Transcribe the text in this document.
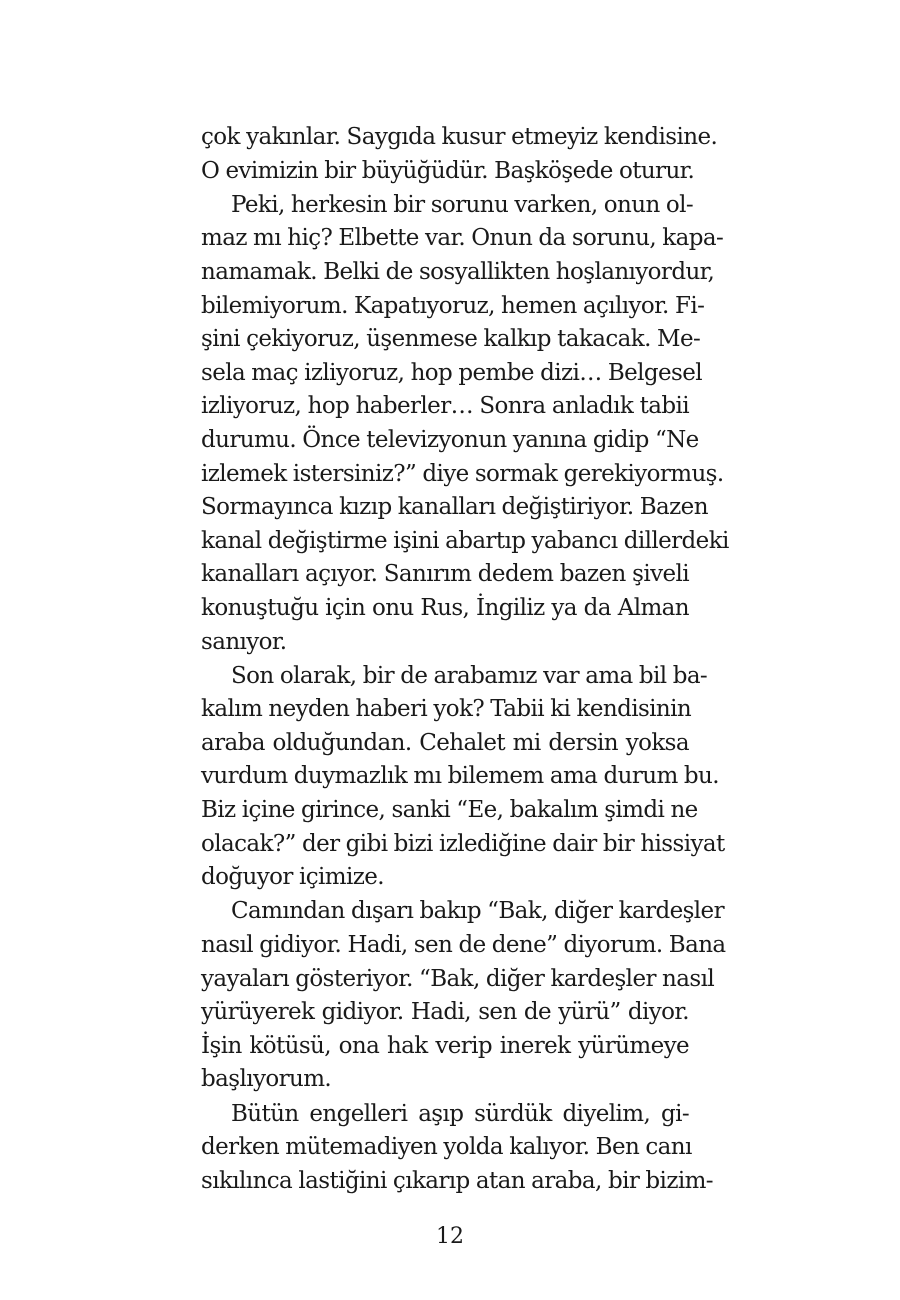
çok yakınlar. Saygıda kusur etmeyiz kendisine.
O evimizin bir büyüğüdür. Başköşede oturur.
Peki, herkesin bir sorunu varken, onun ol-
maz mı hiç? Elbette var. Onun da sorunu, kapa-
namamak. Belki de sosyallikten hoşlanıyordur,
bilemiyorum. Kapatıyoruz, hemen açılıyor. Fi-
şini çekiyoruz, üşenmese kalkıp takacak. Me-
sela maç izliyoruz, hop pembe dizi… Belgesel
izliyoruz, hop haberler… Sonra anladık tabii
durumu. Önce televizyonun yanına gidip “Ne
izlemek istersiniz?” diye sormak gerekiyormuş.
Sormayınca kızıp kanalları değiştiriyor. Bazen
kanal değiştirme işini abartıp yabancı dillerdeki
kanalları açıyor. Sanırım dedem bazen şiveli
konuştuğu için onu Rus, İngiliz ya da Alman
sanıyor.
Son olarak, bir de arabamız var ama bil ba-
kalım neyden haberi yok? Tabii ki kendisinin
araba olduğundan. Cehalet mi dersin yoksa
vurdum duymazlık mı bilemem ama durum bu.
Biz içine girince, sanki “Ee, bakalım şimdi ne
olacak?” der gibi bizi izlediğine dair bir hissiyat
doğuyor içimize.
Camından dışarı bakıp “Bak, diğer kardeşler
nasıl gidiyor. Hadi, sen de dene” diyorum. Bana
yayaları gösteriyor. “Bak, diğer kardeşler nasıl
yürüyerek gidiyor. Hadi, sen de yürü” diyor.
İşin kötüsü, ona hak verip inerek yürümeye
başlıyorum.
Bütün engelleri aşıp sürdük diyelim, gi-
derken mütemadiyen yolda kalıyor. Ben canı
sıkılınca lastiğini çıkarıp atan araba, bir bizim-
12
